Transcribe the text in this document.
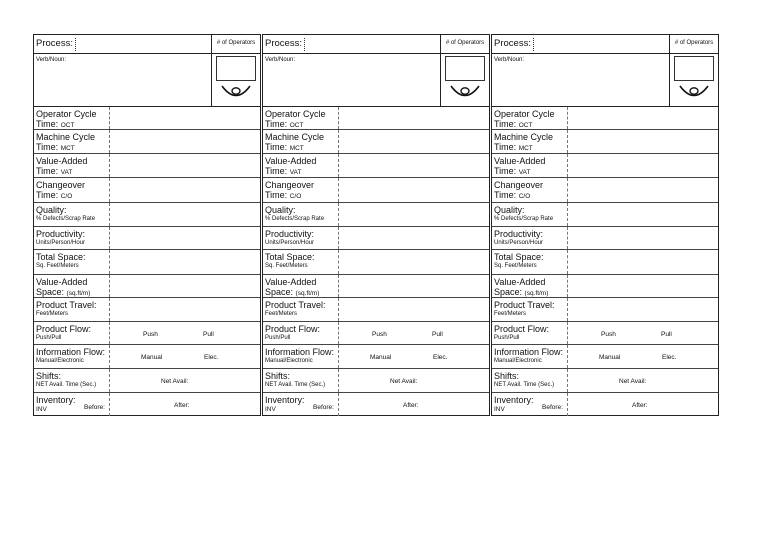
Process:
Verb/Noun:
# of Operators
Operator Cycle
Time: OCT
Machine Cycle
Time: MCT
Value-Added
Time: VAT
Changeover
Time: C/O
Quality:
% Defects/Scrap Rate
Productivity:
Units/Person/Hour
Total Space:
Sq. Feet/Meters
Value-Added
Space: (sq.ft/m)
Product Travel:
Feet/Meters
Product Flow:
Push/Pull	Push	Pull
Information Flow:
Manual/Electronic	Manual	Elec.
Shifts:
NET Avail. Time (Sec.)	Net Avail:
Inventory:
INV	Before:	After:
Process:
Verb/Noun:
# of Operators
Operator Cycle
Time: OCT
Machine Cycle
Time: MCT
Value-Added
Time: VAT
Changeover
Time: C/O
Quality:
% Defects/Scrap Rate
Productivity:
Units/Person/Hour
Total Space:
Sq. Feet/Meters
Value-Added
Space: (sq.ft/m)
Product Travel:
Feet/Meters
Product Flow:
Push/Pull	Push	Pull
Information Flow:
Manual/Electronic	Manual	Elec.
Shifts:
NET Avail. Time (Sec.)	Net Avail:
Inventory:
INV	Before:	After:
Process:
Verb/Noun:
# of Operators
Operator Cycle
Time: OCT
Machine Cycle
Time: MCT
Value-Added
Time: VAT
Changeover
Time: C/O
Quality:
% Defects/Scrap Rate
Productivity:
Units/Person/Hour
Total Space:
Sq. Feet/Meters
Value-Added
Space: (sq.ft/m)
Product Travel:
Feet/Meters
Product Flow:
Push/Pull	Push	Pull
Information Flow:
Manual/Electronic	Manual	Elec.
Shifts:
NET Avail. Time (Sec.)	Net Avail:
Inventory:
INV	Before:	After:
